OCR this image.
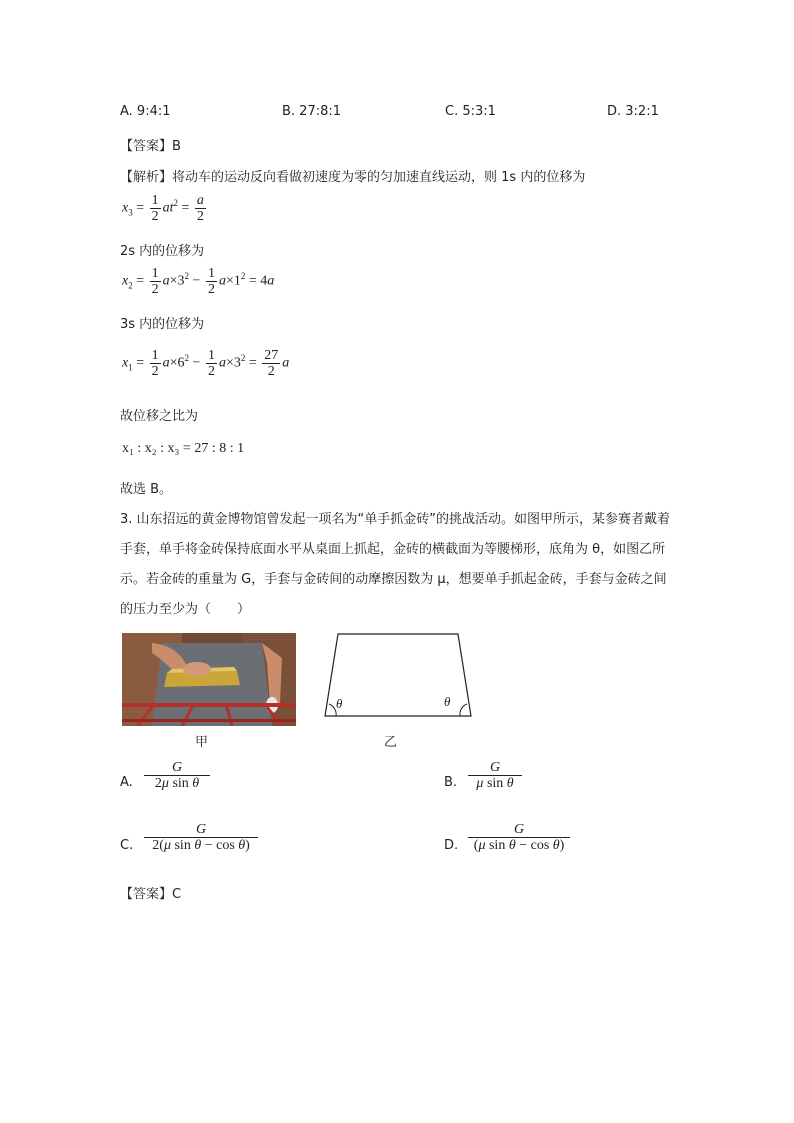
A. 9:4:1	B. 27:8:1	C. 5:3:1	D. 3:2:1
【答案】B
【解析】将动车的运动反向看做初速度为零的匀加速直线运动，则 1s 内的位移为
$x_3 = \frac{1}{2} at^2 = \frac{a}{2}$
2s 内的位移为
$x_2 = \frac{1}{2} a\times 3^2 - \frac{1}{2} a\times 1^2 = 4a$
3s 内的位移为
$x_1 = \frac{1}{2} a\times 6^2 - \frac{1}{2} a\times 3^2 = \frac{27}{2}$ a
故位移之比为
x₁ : x₂ : x₃ = 27 : 8 : 1
故选 B。
3. 山东招远的黄金博物馆曾发起一项名为“单手抓金砖”的挑战活动。如图甲所示，某参赛者戴着手套，单手将金砖保持底面水平从桌面上抓起，金砖的横截面为等腰梯形，底角为 θ，如图乙所示。若金砖的重量为 G，手套与金砖间的动摩擦因数为 μ，想要单手抓起金砖，手套与金砖之间的压力至少为（　　）
甲
θ	θ
乙
A. $\frac{G}{\text{2μ sin θ}}$	B. $\frac{G}{\text{μ sin θ}}$
C. $\frac{G}{\text{2(μ sin θ − cos θ)}}$	D. $\frac{G}{\text{(μ sin θ − cos θ)}}$
【答案】C
